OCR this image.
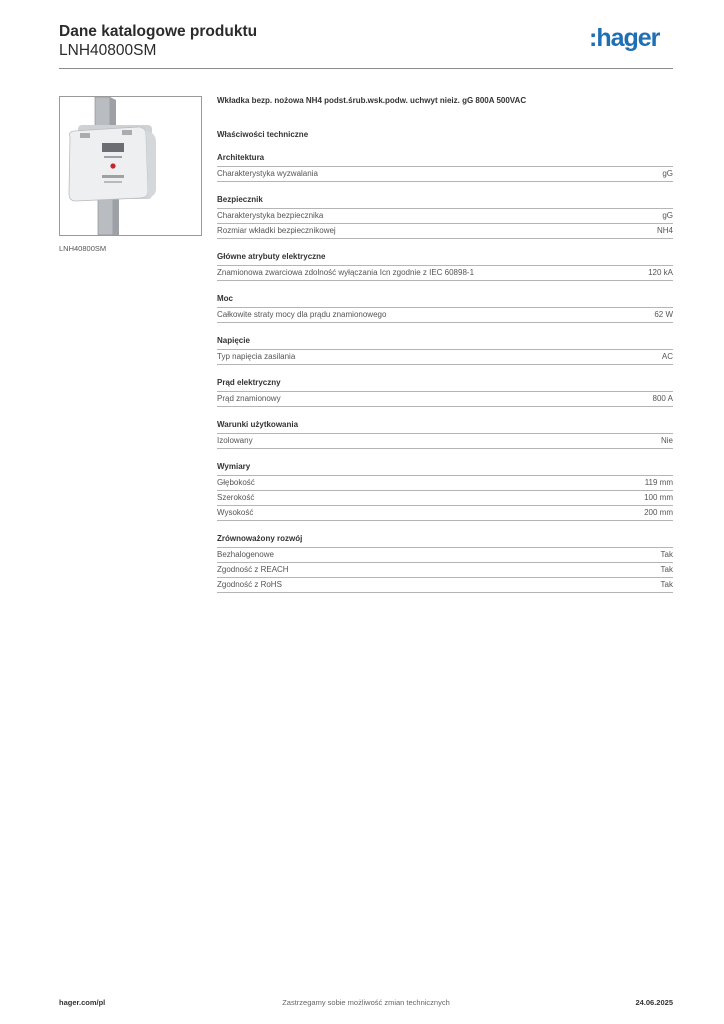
Dane katalogowe produktu
LNH40800SM	:hager
LNH40800SM
Wkładka bezp. nożowa NH4 podst.śrub.wsk.podw. uchwyt nieiz. gG 800A 500VAC
Właściwości techniczne
Architektura
Charakterystyka wyzwalania	gG
Bezpiecznik
Charakterystyka bezpiecznika	gG
Rozmiar wkładki bezpiecznikowej	NH4
Główne atrybuty elektryczne
Znamionowa zwarciowa zdolność wyłączania Icn zgodnie z IEC 60898-1	120 kA
Moc
Całkowite straty mocy dla prądu znamionowego	62 W
Napięcie
Typ napięcia zasilania	AC
Prąd elektryczny
Prąd znamionowy	800 A
Warunki użytkowania
Izolowany	Nie
Wymiary
Głębokość	119 mm
Szerokość	100 mm
Wysokość	200 mm
Zrównoważony rozwój
Bezhalogenowe	Tak
Zgodność z REACH	Tak
Zgodność z RoHS	Tak
hager.com/pl	Zastrzegamy sobie możliwość zmian technicznych	24.06.2025
